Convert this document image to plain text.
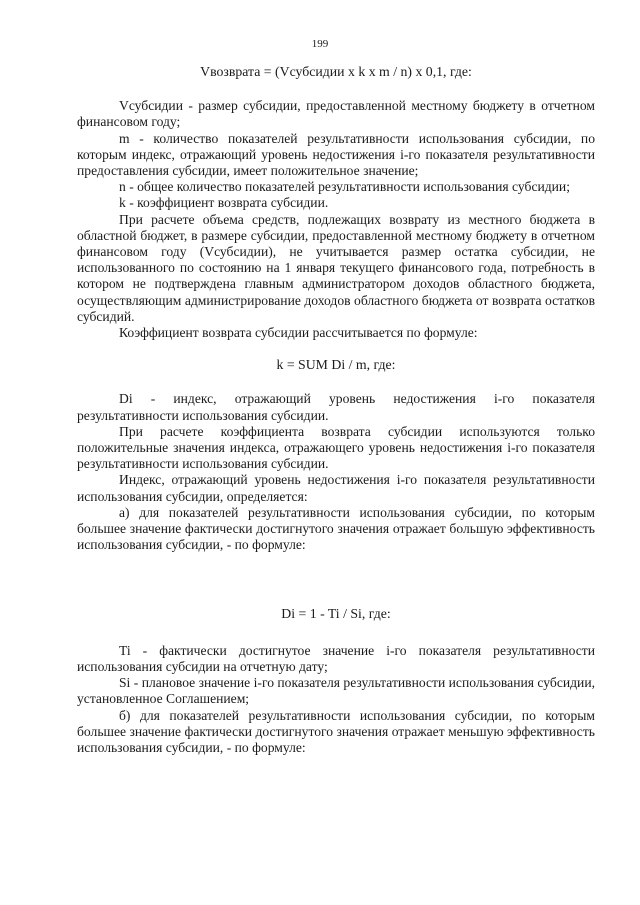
199

Vвозврата = (Vсубсидии x k x m / n) x 0,1, где:

Vсубсидии - размер субсидии, предоставленной местному бюджету в отчетном финансовом году;

m - количество показателей результативности использования субсидии, по которым индекс, отражающий уровень недостижения i-го показателя результативности предоставления субсидии, имеет положительное значение;

n - общее количество показателей результативности использования субсидии;

k - коэффициент возврата субсидии.

При расчете объема средств, подлежащих возврату из местного бюджета в областной бюджет, в размере субсидии, предоставленной местному бюджету в отчетном финансовом году (Vсубсидии), не учитывается размер остатка субсидии, не использованного по состоянию на 1 января текущего финансового года, потребность в котором не подтверждена главным администратором доходов областного бюджета, осуществляющим администрирование доходов областного бюджета от возврата остатков субсидий.

Коэффициент возврата субсидии рассчитывается по формуле:

k = SUM Di / m, где:

Di - индекс, отражающий уровень недостижения i-го показателя результативности использования субсидии.

При расчете коэффициента возврата субсидии используются только положительные значения индекса, отражающего уровень недостижения i-го показателя результативности использования субсидии.

Индекс, отражающий уровень недостижения i-го показателя результативности использования субсидии, определяется:

а) для показателей результативности использования субсидии, по которым большее значение фактически достигнутого значения отражает большую эффективность использования субсидии, - по формуле:

Di = 1 - Ti / Si, где:

Ti - фактически достигнутое значение i-го показателя результативности использования субсидии на отчетную дату;

Si - плановое значение i-го показателя результативности использования субсидии, установленное Соглашением;

б) для показателей результативности использования субсидии, по которым большее значение фактически достигнутого значения отражает меньшую эффективность использования субсидии, - по формуле:
